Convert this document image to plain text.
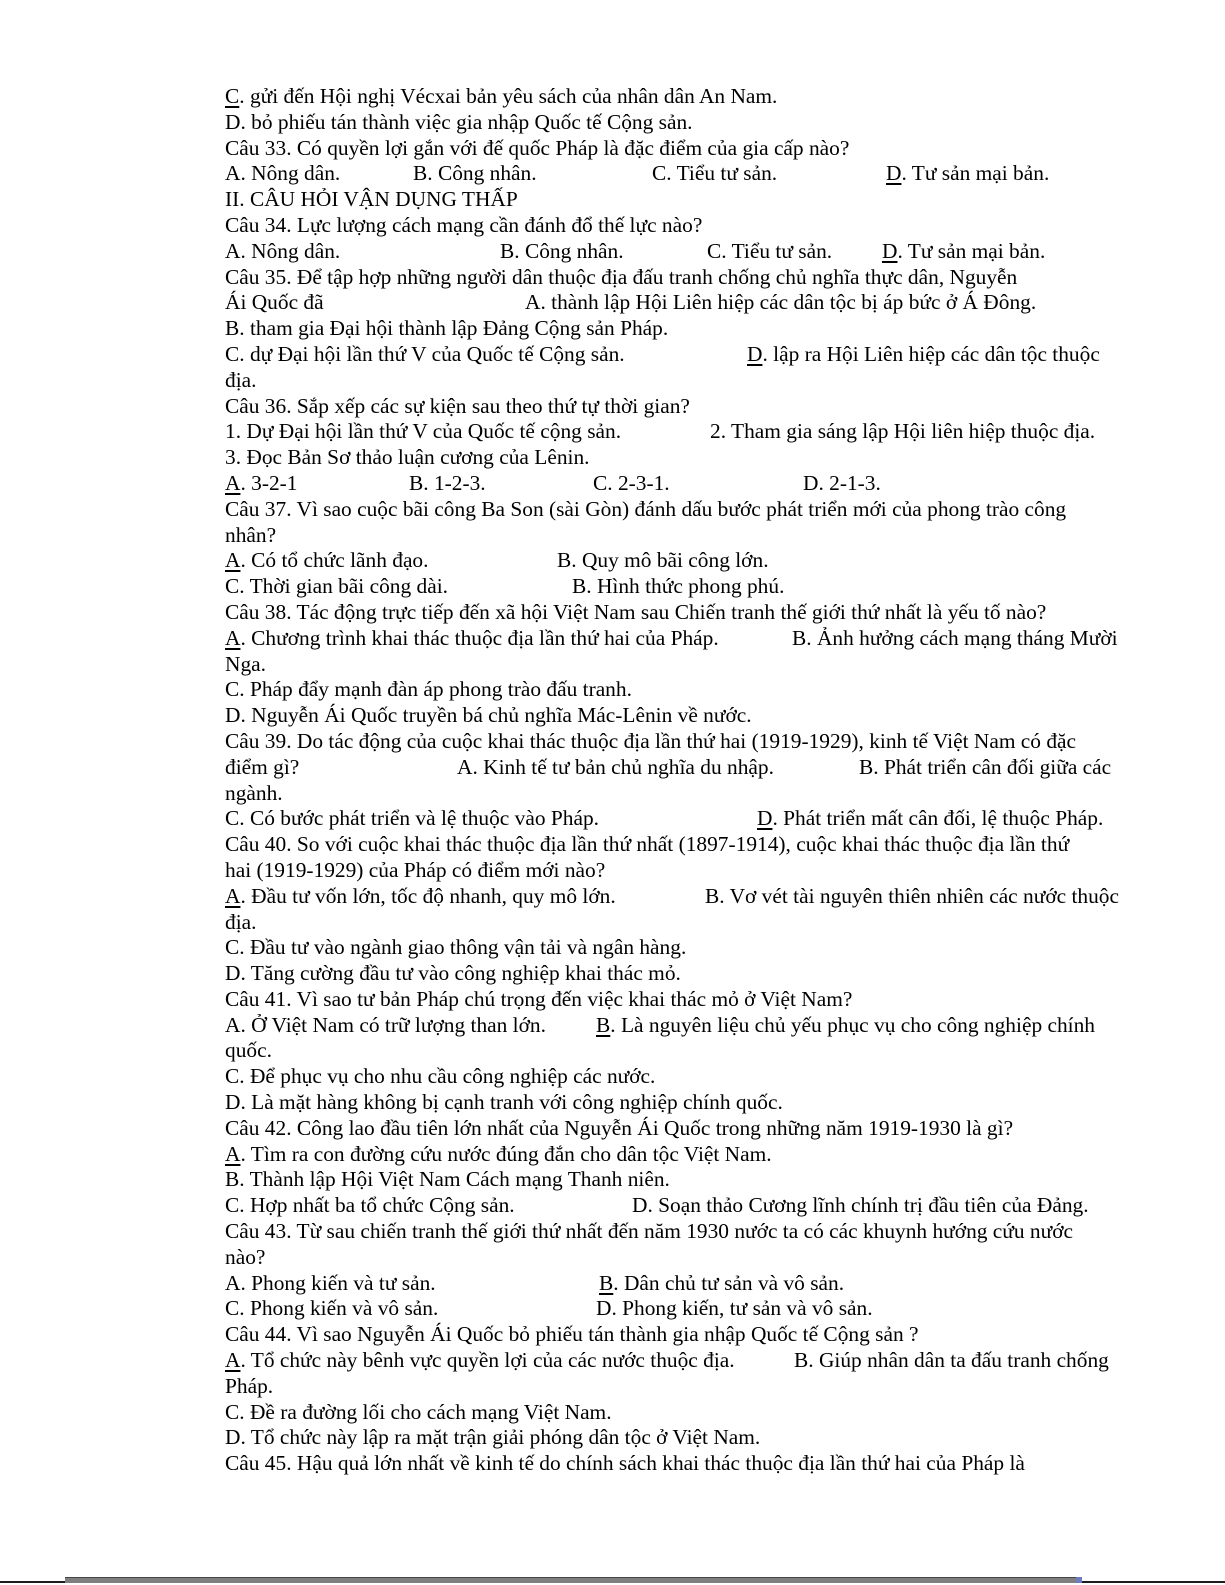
C. gửi đến Hội nghị Vécxai bản yêu sách của nhân dân An Nam.
D. bỏ phiếu tán thành việc gia nhập Quốc tế Cộng sản.
Câu 33. Có quyền lợi gắn với đế quốc Pháp là đặc điểm của gia cấp nào?
A. Nông dân.	B. Công nhân.	C. Tiểu tư sản.	D. Tư sản mại bản.
II. CÂU HỎI VẬN DỤNG THẤP
Câu 34. Lực lượng cách mạng cần đánh đổ thế lực nào?
A. Nông dân.	B. Công nhân.	C. Tiểu tư sản. D. Tư sản mại bản.
Câu 35. Để tập hợp những người dân thuộc địa đấu tranh chống chủ nghĩa thực dân, Nguyễn
Ái Quốc đã	A. thành lập Hội Liên hiệp các dân tộc bị áp bức ở Á Đông.
B. tham gia Đại hội thành lập Đảng Cộng sản Pháp.
C. dự Đại hội lần thứ V của Quốc tế Cộng sản.	D. lập ra Hội Liên hiệp các dân tộc thuộc
địa.
Câu 36. Sắp xếp các sự kiện sau theo thứ tự thời gian?
1. Dự Đại hội lần thứ V của Quốc tế cộng sản.	2. Tham gia sáng lập Hội liên hiệp thuộc địa.
3. Đọc Bản Sơ thảo luận cương của Lênin.
A. 3-2-1	B. 1-2-3.	C. 2-3-1.	D. 2-1-3.
Câu 37. Vì sao cuộc bãi công Ba Son (sài Gòn) đánh dấu bước phát triển mới của phong trào công
nhân?
A. Có tổ chức lãnh đạo.	B. Quy mô bãi công lớn.
C. Thời gian bãi công dài.	B. Hình thức phong phú.
Câu 38. Tác động trực tiếp đến xã hội Việt Nam sau Chiến tranh thế giới thứ nhất là yếu tố nào?
A. Chương trình khai thác thuộc địa lần thứ hai của Pháp.	B. Ảnh hưởng cách mạng tháng Mười
Nga.
C. Pháp đẩy mạnh đàn áp phong trào đấu tranh.
D. Nguyễn Ái Quốc truyền bá chủ nghĩa Mác-Lênin về nước.
Câu 39. Do tác động của cuộc khai thác thuộc địa lần thứ hai (1919-1929), kinh tế Việt Nam có đặc
điểm gì?	A. Kinh tế tư bản chủ nghĩa du nhập.	B. Phát triển cân đối giữa các
ngành.
C. Có bước phát triển và lệ thuộc vào Pháp.	D. Phát triển mất cân đối, lệ thuộc Pháp.
Câu 40. So với cuộc khai thác thuộc địa lần thứ nhất (1897-1914), cuộc khai thác thuộc địa lần thứ
hai (1919-1929) của Pháp có điểm mới nào?
A. Đầu tư vốn lớn, tốc độ nhanh, quy mô lớn.	B. Vơ vét tài nguyên thiên nhiên các nước thuộc
địa.
C. Đầu tư vào ngành giao thông vận tải và ngân hàng.
D. Tăng cường đầu tư vào công nghiệp khai thác mỏ.
Câu 41. Vì sao tư bản Pháp chú trọng đến việc khai thác mỏ ở Việt Nam?
A. Ở Việt Nam có trữ lượng than lớn. B. Là nguyên liệu chủ yếu phục vụ cho công nghiệp chính
quốc.
C. Để phục vụ cho nhu cầu công nghiệp các nước.
D. Là mặt hàng không bị cạnh tranh với công nghiệp chính quốc.
Câu 42. Công lao đầu tiên lớn nhất của Nguyễn Ái Quốc trong những năm 1919-1930 là gì?
A. Tìm ra con đường cứu nước đúng đắn cho dân tộc Việt Nam.
B. Thành lập Hội Việt Nam Cách mạng Thanh niên.
C. Hợp nhất ba tổ chức Cộng sản.	D. Soạn thảo Cương lĩnh chính trị đầu tiên của Đảng.
Câu 43. Từ sau chiến tranh thế giới thứ nhất đến năm 1930 nước ta có các khuynh hướng cứu nước
nào?
A. Phong kiến và tư sản.	B. Dân chủ tư sản và vô sản.
C. Phong kiến và vô sản.	D. Phong kiến, tư sản và vô sản.
Câu 44. Vì sao Nguyễn Ái Quốc bỏ phiếu tán thành gia nhập Quốc tế Cộng sản ?
A. Tổ chức này bênh vực quyền lợi của các nước thuộc địa.	B. Giúp nhân dân ta đấu tranh chống
Pháp.
C. Đề ra đường lối cho cách mạng Việt Nam.
D. Tổ chức này lập ra mặt trận giải phóng dân tộc ở Việt Nam.
Câu 45. Hậu quả lớn nhất về kinh tế do chính sách khai thác thuộc địa lần thứ hai của Pháp là
